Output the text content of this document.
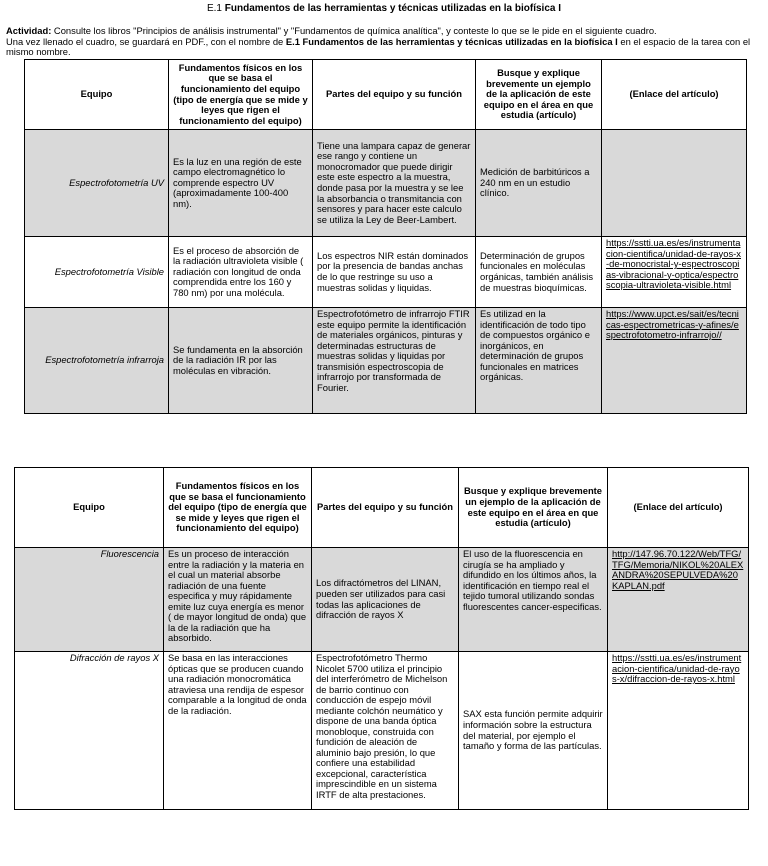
E.1 Fundamentos de las herramientas y técnicas utilizadas en la biofísica I
Actividad: Consulte los libros "Principios de análisis instrumental" y "Fundamentos de química analítica", y conteste lo que se le pide en el siguiente cuadro.
Una vez llenado el cuadro, se guardará en PDF., con el nombre de E.1 Fundamentos de las herramientas y técnicas utilizadas en la biofísica I en el espacio de la tarea con el mismo nombre.
Equipo	Fundamentos físicos en los que se basa el funcionamiento del equipo (tipo de energía que se mide y leyes que rigen el funcionamiento del equipo)	Partes del equipo y su función	Busque y explique brevemente un ejemplo de la aplicación de este equipo en el área en que estudia (artículo)	(Enlace del artículo)
Espectrofotometría UV	Es la luz en una región de este campo electromagnético lo comprende espectro UV (aproximadamente 100-400 nm).	Tiene una lampara capaz de generar ese rango y contiene un monocromador que puede dirigir este este espectro a la muestra, donde pasa por la muestra y se lee la absorbancia o transmitancia con sensores y para hacer este calculo se utiliza la Ley de Beer-Lambert.	Medición de barbitúricos a 240 nm en un estudio clínico.	
Espectrofotometría Visible	Es el proceso de absorción de la radiación ultravioleta visible ( radiación con longitud de onda comprendida entre los 160 y 780 nm) por una molécula.	Los espectros NIR están dominados por la presencia de bandas anchas de lo que restringe su uso a muestras solidas y liquidas.	Determinación de grupos funcionales en moléculas orgánicas, también análisis de muestras bioquímicas.	https://sstti.ua.es/es/instrumentacion-cientifica/unidad-de-rayos-x-de-monocristal-y-espectroscopias-vibracional-y-optica/espectroscopia-ultravioleta-visible.html
Espectrofotometría infrarroja	Se fundamenta en la absorción de la radiación IR por las moléculas en vibración.	Espectrofotómetro de infrarrojo FTIR este equipo permite la identificación de materiales orgánicos, pinturas y determinadas estructuras de muestras solidas y liquidas por transmisión espectroscopia de infrarrojo por transformada de Fourier.	Es utilizad en la identificación de todo tipo de compuestos orgánico e inorgánicos, en determinación de grupos funcionales en matrices orgánicas.	https://www.upct.es/sait/es/tecnicas-espectrometricas-y-afines/espectrofotometro-infrarrojo//
Equipo	Fundamentos físicos en los que se basa el funcionamiento del equipo (tipo de energía que se mide y leyes que rigen el funcionamiento del equipo)	Partes del equipo y su función	Busque y explique brevemente un ejemplo de la aplicación de este equipo en el área en que estudia (artículo)	(Enlace del artículo)
Fluorescencia	Es un proceso de interacción entre la radiación y la materia en el cual un material absorbe radiación de una fuente especifica y muy rápidamente emite luz cuya energía es menor ( de mayor longitud de onda) que la de la radiación que ha absorbido.	Los difractómetros del LINAN, pueden ser utilizados para casi todas las aplicaciones de difracción de rayos X	El uso de la fluorescencia en cirugía se ha ampliado y difundido en los últimos años, la identificación en tiempo real el tejido tumoral utilizando sondas fluorescentes cancer-especificas.	http://147.96.70.122/Web/TFG/TFG/Memoria/NIKOL%20ALEXANDRA%20SEPULVEDA%20KAPLAN.pdf
Difracción de rayos X	Se basa en las interacciones ópticas que se producen cuando una radiación monocromática atraviesa una rendija de espesor comparable a la longitud de onda de la radiación.	Espectrofotómetro Thermo Nicolet 5700 utiliza el principio del interferómetro de Michelson de barrio continuo con conducción de espejo móvil mediante colchón neumático y dispone de una banda óptica monobloque, construida con fundición de aleación de aluminio bajo presión, lo que confiere una estabilidad excepcional, característica imprescindible en un sistema IRTF de alta prestaciones.	SAX esta función permite adquirir información sobre la estructura del material, por ejemplo el tamaño y forma de las partículas.	https://sstti.ua.es/es/instrumentacion-cientifica/unidad-de-rayos-x/difraccion-de-rayos-x.html
